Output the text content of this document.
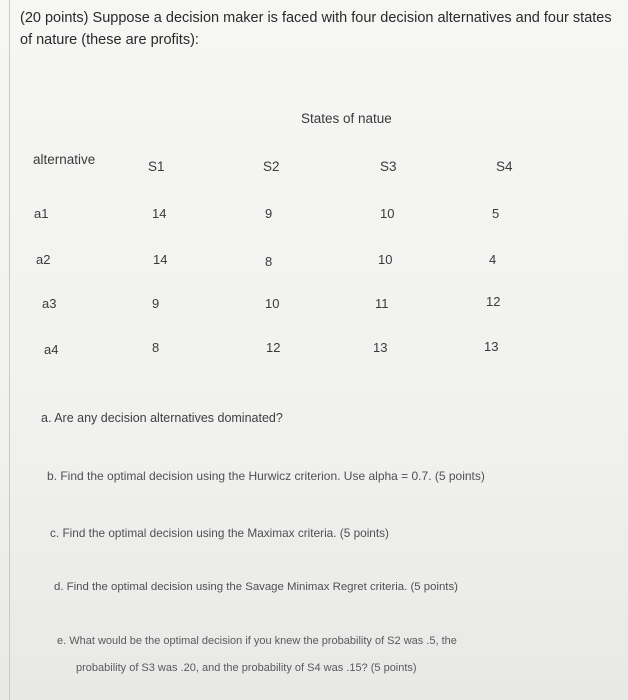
(20 points) Suppose a decision maker is faced with four decision alternatives and four states of nature (these are profits):
States of natue
alternative	S1	S2	S3	S4
a1	14	9	10	5
a2	14	8	10	4
a3	9	10	11	12
a4	8	12	13	13
a. Are any decision alternatives dominated?
b. Find the optimal decision using the Hurwicz criterion. Use alpha = 0.7. (5 points)
c. Find the optimal decision using the Maximax criteria. (5 points)
d. Find the optimal decision using the Savage Minimax Regret criteria. (5 points)
e. What would be the optimal decision if you knew the probability of S2 was .5, the
probability of S3 was .20, and the probability of S4 was .15? (5 points)
